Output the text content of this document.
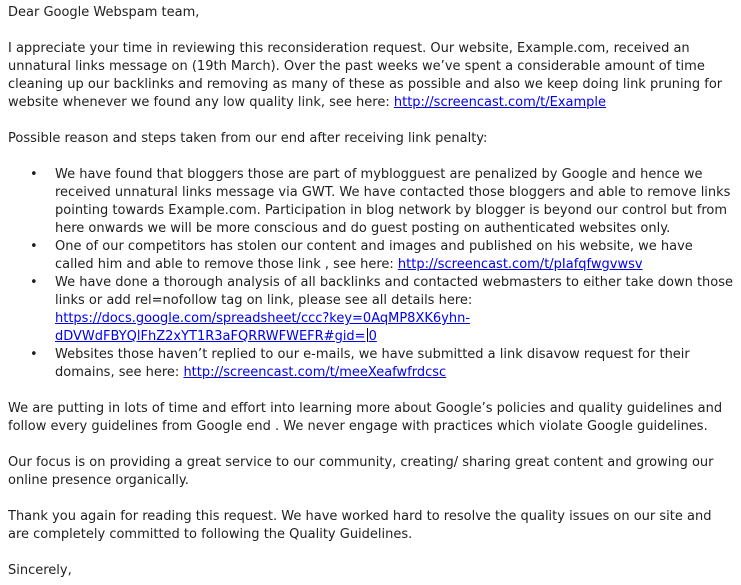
Dear Google Webspam team,

I appreciate your time in reviewing this reconsideration request. Our website, Example.com, received an unnatural links message on (19th March). Over the past weeks we’ve spent a considerable amount of time cleaning up our backlinks and removing as many of these as possible and also we keep doing link pruning for website whenever we found any low quality link, see here: http://screencast.com/t/Example

Possible reason and steps taken from our end after receiving link penalty:

• We have found that bloggers those are part of myblogguest are penalized by Google and hence we received unnatural links message via GWT. We have contacted those bloggers and able to remove links pointing towards Example.com. Participation in blog network by blogger is beyond our control but from here onwards we will be more conscious and do guest posting on authenticated websites only.
• One of our competitors has stolen our content and images and published on his website, we have called him and able to remove those link , see here: http://screencast.com/t/pIafqfwgvwsv
• We have done a thorough analysis of all backlinks and contacted webmasters to either take down those links or add rel=nofollow tag on link, please see all details here:
https://docs.google.com/spreadsheet/ccc?key=0AqMP8XK6yhn-
dDVWdFBYQlFhZ2xYT1R3aFQRRWFWEFR#gid= 0
• Websites those haven’t replied to our e-mails, we have submitted a link disavow request for their domains, see here: http://screencast.com/t/meeXeafwfrdcsc

We are putting in lots of time and effort into learning more about Google’s policies and quality guidelines and follow every guidelines from Google end . We never engage with practices which violate Google guidelines.

Our focus is on providing a great service to our community, creating/ sharing great content and growing our online presence organically.

Thank you again for reading this request. We have worked hard to resolve the quality issues on our site and are completely committed to following the Quality Guidelines.

Sincerely,
